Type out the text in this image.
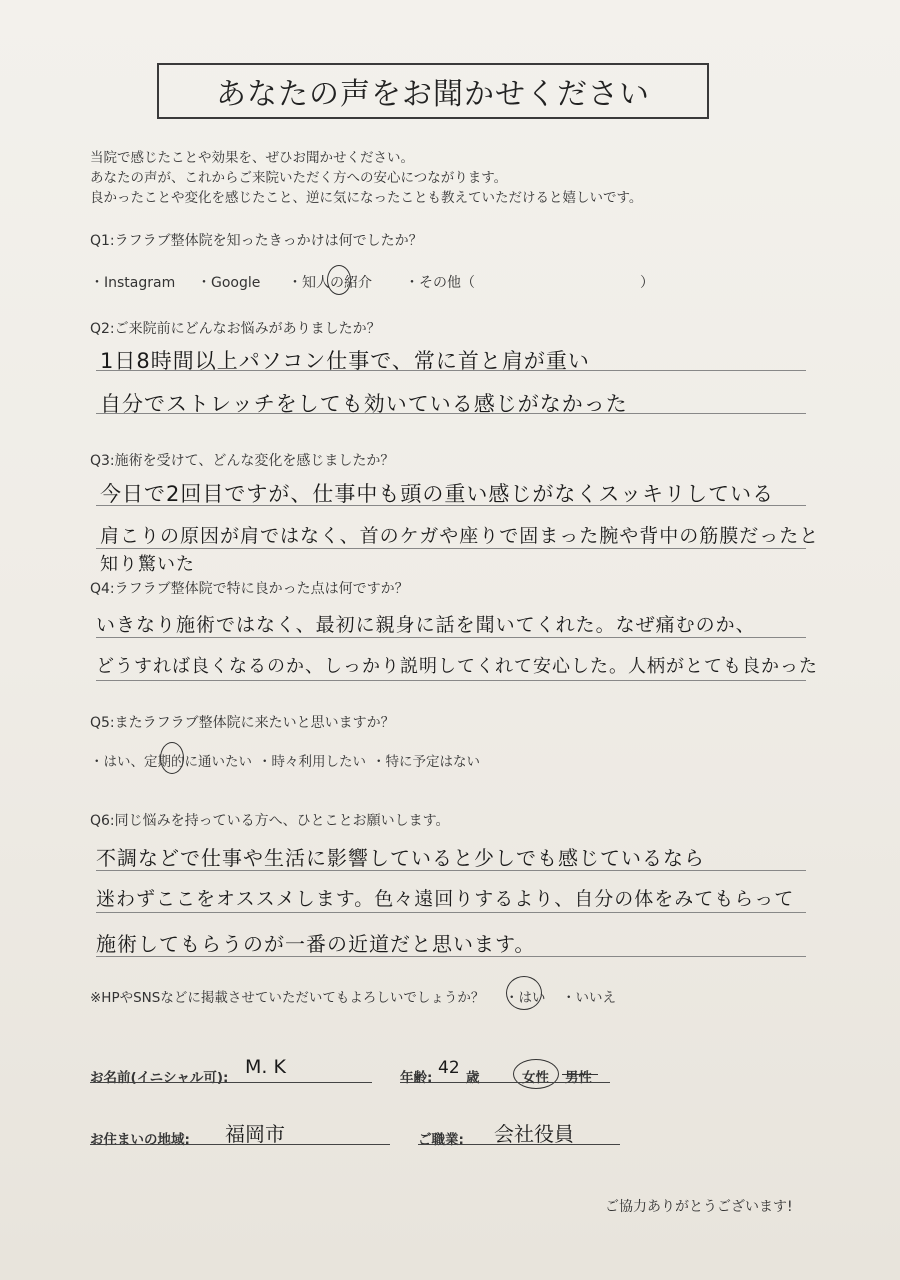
あなたの声をお聞かせください
当院で感じたことや効果を、ぜひお聞かせください。
あなたの声が、これからご来院いただく方への安心につながります。
良かったことや変化を感じたこと、逆に気になったことも教えていただけると嬉しいです。
Q1:ラフラブ整体院を知ったきっかけは何でしたか？
・Instagram ・Google ・知人の紹介 ・その他（	）
Q2:ご来院前にどんなお悩みがありましたか？
1日8時間以上パソコン仕事で、常に首と肩が重い
自分でストレッチをしても効いている感じがなかった
Q3:施術を受けて、どんな変化を感じましたか？
今日で2回目ですが、仕事中も頭の重い感じがなくスッキリしている
肩こりの原因が肩ではなく、首のケガや座りで固まった腕や背中の筋膜だったと
知り驚いた
Q4:ラフラブ整体院で特に良かった点は何ですか？
いきなり施術ではなく、最初に親身に話を聞いてくれた。なぜ痛むのか、
どうすれば良くなるのか、しっかり説明してくれて安心した。人柄がとても良かった
Q5:またラフラブ整体院に来たいと思いますか？
・はい、定期的に通いたい ・時々利用したい ・特に予定はない
Q6:同じ悩みを持っている方へ、ひとことお願いします。
不調などで仕事や生活に影響していると少しでも感じているなら
迷わずここをオススメします。色々遠回りするより、自分の体をみてもらって
施術してもらうのが一番の近道だと思います。
※HPやSNSなどに掲載させていただいてもよろしいでしょうか？ ・はい ・いいえ
お名前(イニシャル可): M. K	年齢: 42 歳	女性 男性
お住まいの地域: 福岡市	ご職業: 会社役員
ご協力ありがとうございます!
